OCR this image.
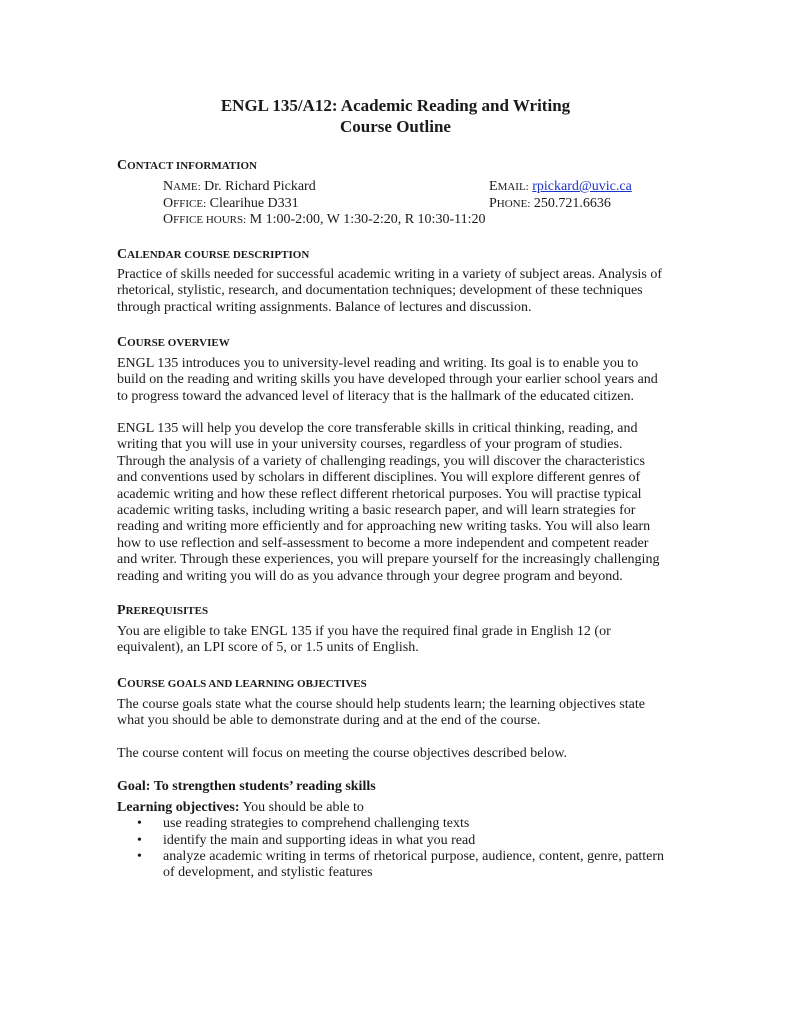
ENGL 135/A12: Academic Reading and Writing
Course Outline
CONTACT INFORMATION
NAME: Dr. Richard Pickard	EMAIL: rpickard@uvic.ca
OFFICE: Clearihue D331	PHONE: 250.721.6636
OFFICE HOURS: M 1:00-2:00, W 1:30-2:20, R 10:30-11:20
CALENDAR COURSE DESCRIPTION
Practice of skills needed for successful academic writing in a variety of subject areas. Analysis of
rhetorical, stylistic, research, and documentation techniques; development of these techniques
through practical writing assignments. Balance of lectures and discussion.
COURSE OVERVIEW
ENGL 135 introduces you to university-level reading and writing. Its goal is to enable you to
build on the reading and writing skills you have developed through your earlier school years and
to progress toward the advanced level of literacy that is the hallmark of the educated citizen.
ENGL 135 will help you develop the core transferable skills in critical thinking, reading, and
writing that you will use in your university courses, regardless of your program of studies.
Through the analysis of a variety of challenging readings, you will discover the characteristics
and conventions used by scholars in different disciplines. You will explore different genres of
academic writing and how these reflect different rhetorical purposes. You will practise typical
academic writing tasks, including writing a basic research paper, and will learn strategies for
reading and writing more efficiently and for approaching new writing tasks. You will also learn
how to use reflection and self-assessment to become a more independent and competent reader
and writer. Through these experiences, you will prepare yourself for the increasingly challenging
reading and writing you will do as you advance through your degree program and beyond.
PREREQUISITES
You are eligible to take ENGL 135 if you have the required final grade in English 12 (or
equivalent), an LPI score of 5, or 1.5 units of English.
COURSE GOALS AND LEARNING OBJECTIVES
The course goals state what the course should help students learn; the learning objectives state
what you should be able to demonstrate during and at the end of the course.
The course content will focus on meeting the course objectives described below.
Goal: To strengthen students’ reading skills
Learning objectives: You should be able to
•	use reading strategies to comprehend challenging texts
•	identify the main and supporting ideas in what you read
•	analyze academic writing in terms of rhetorical purpose, audience, content, genre, pattern
of development, and stylistic features
